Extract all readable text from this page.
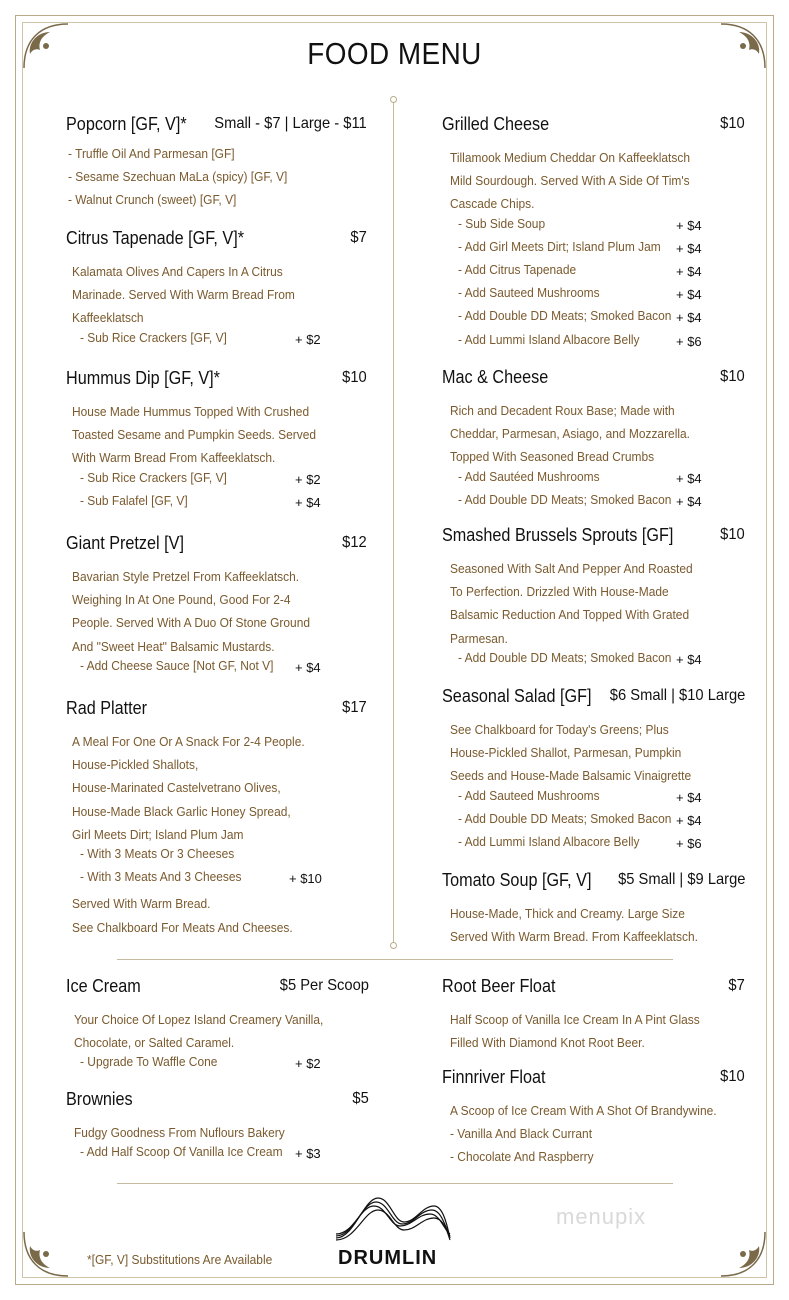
FOOD MENU
Popcorn [GF, V]* Small - $7 | Large - $11
- Truffle Oil And Parmesan [GF]
- Sesame Szechuan MaLa (spicy) [GF, V]
- Walnut Crunch (sweet) [GF, V]
Citrus Tapenade [GF, V]*	$7
Kalamata Olives And Capers In A Citrus
Marinade. Served With Warm Bread From
Kaffeeklatsch
- Sub Rice Crackers [GF, V]	+ $2
Hummus Dip [GF, V]*	$10
House Made Hummus Topped With Crushed
Toasted Sesame and Pumpkin Seeds. Served
With Warm Bread From Kaffeeklatsch.
- Sub Rice Crackers [GF, V]	+ $2
- Sub Falafel [GF, V]	+ $4
Giant Pretzel [V]	$12
Bavarian Style Pretzel From Kaffeeklatsch.
Weighing In At One Pound, Good For 2-4
People. Served With A Duo Of Stone Ground
And "Sweet Heat" Balsamic Mustards.
- Add Cheese Sauce [Not GF, Not V] + $4
Rad Platter	$17
A Meal For One Or A Snack For 2-4 People.
House-Pickled Shallots,
House-Marinated Castelvetrano Olives,
House-Made Black Garlic Honey Spread,
Girl Meets Dirt; Island Plum Jam
- With 3 Meats Or 3 Cheeses
- With 3 Meats And 3 Cheeses	+ $10
Served With Warm Bread.
See Chalkboard For Meats And Cheeses.
Grilled Cheese	$10
Tillamook Medium Cheddar On Kaffeeklatsch
Mild Sourdough. Served With A Side Of Tim's
Cascade Chips.
- Sub Side Soup	+ $4
- Add Girl Meets Dirt; Island Plum Jam + $4
- Add Citrus Tapenade	+ $4
- Add Sauteed Mushrooms	+ $4
- Add Double DD Meats; Smoked Bacon + $4
- Add Lummi Island Albacore Belly	+ $6
Mac & Cheese	$10
Rich and Decadent Roux Base; Made with
Cheddar, Parmesan, Asiago, and Mozzarella.
Topped With Seasoned Bread Crumbs
- Add Sautéed Mushrooms	+ $4
- Add Double DD Meats; Smoked Bacon + $4
Smashed Brussels Sprouts [GF]	$10
Seasoned With Salt And Pepper And Roasted
To Perfection. Drizzled With House-Made
Balsamic Reduction And Topped With Grated
Parmesan.
- Add Double DD Meats; Smoked Bacon + $4
Seasonal Salad [GF] $6 Small | $10 Large
See Chalkboard for Today's Greens; Plus
House-Pickled Shallot, Parmesan, Pumpkin
Seeds and House-Made Balsamic Vinaigrette
- Add Sauteed Mushrooms	+ $4
- Add Double DD Meats; Smoked Bacon + $4
- Add Lummi Island Albacore Belly	+ $6
Tomato Soup [GF, V] $5 Small | $9 Large
House-Made, Thick and Creamy. Large Size
Served With Warm Bread. From Kaffeeklatsch.
Ice Cream	$5 Per Scoop
Your Choice Of Lopez Island Creamery Vanilla,
Chocolate, or Salted Caramel.
- Upgrade To Waffle Cone	+ $2
Brownies	$5
Fudgy Goodness From Nuflours Bakery
- Add Half Scoop Of Vanilla Ice Cream + $3
Root Beer Float	$7
Half Scoop of Vanilla Ice Cream In A Pint Glass
Filled With Diamond Knot Root Beer.
Finnriver Float	$10
A Scoop of Ice Cream With A Shot Of Brandywine.
- Vanilla And Black Currant
- Chocolate And Raspberry
*[GF, V] Substitutions Are Available	DRUMLIN
menupix
